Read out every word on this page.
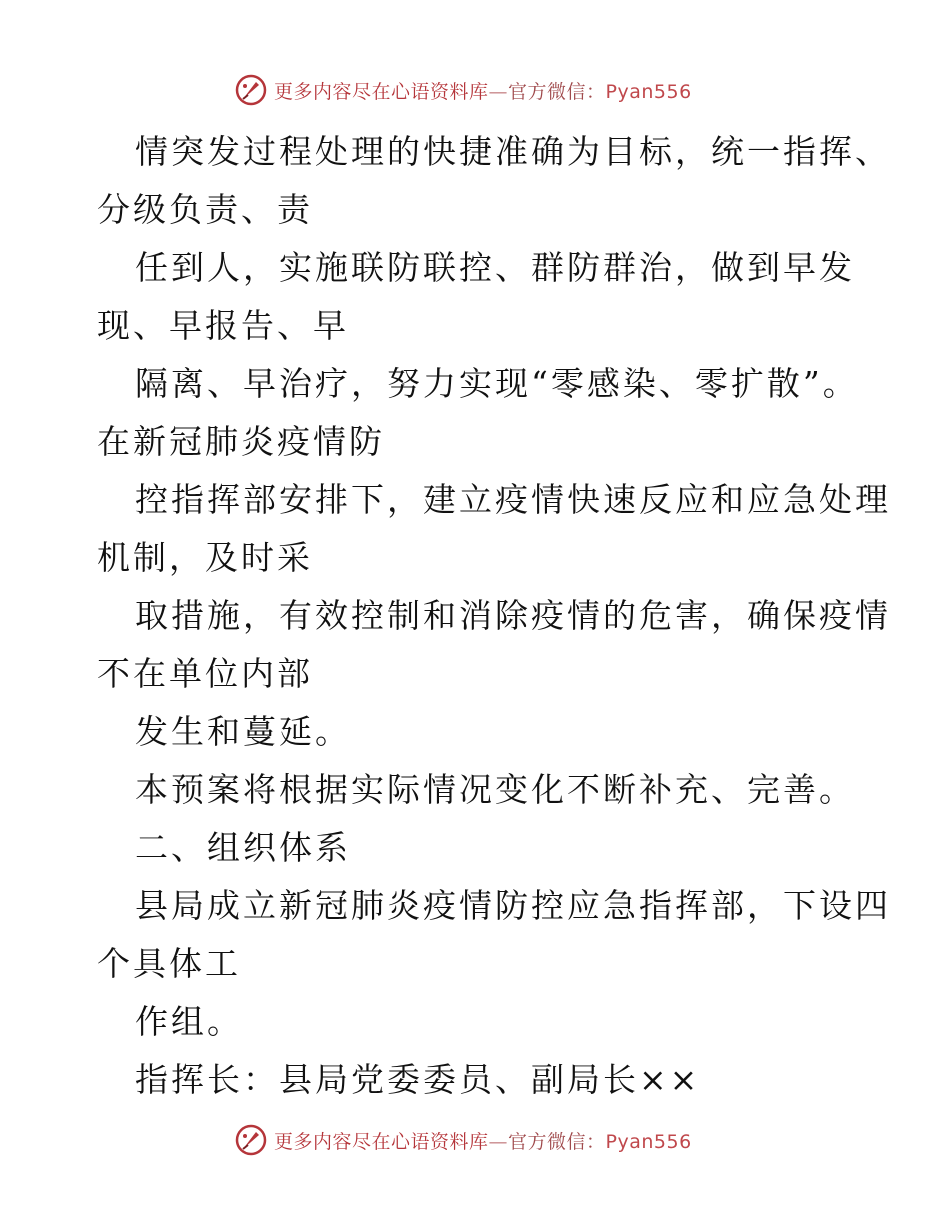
更多内容尽在心语资料库—官方微信：Pyan556

情突发过程处理的快捷准确为目标，统一指挥、
分级负责、责

任到人，实施联防联控、群防群治，做到早发
现、早报告、早

隔离、早治疗，努力实现“零感染、零扩散”。
在新冠肺炎疫情防

控指挥部安排下，建立疫情快速反应和应急处理
机制，及时采

取措施，有效控制和消除疫情的危害，确保疫情
不在单位内部

发生和蔓延。

本预案将根据实际情况变化不断补充、完善。

二、组织体系

县局成立新冠肺炎疫情防控应急指挥部，下设四
个具体工

作组。

指挥长：县局党委委员、副局长××

更多内容尽在心语资料库—官方微信：Pyan556
